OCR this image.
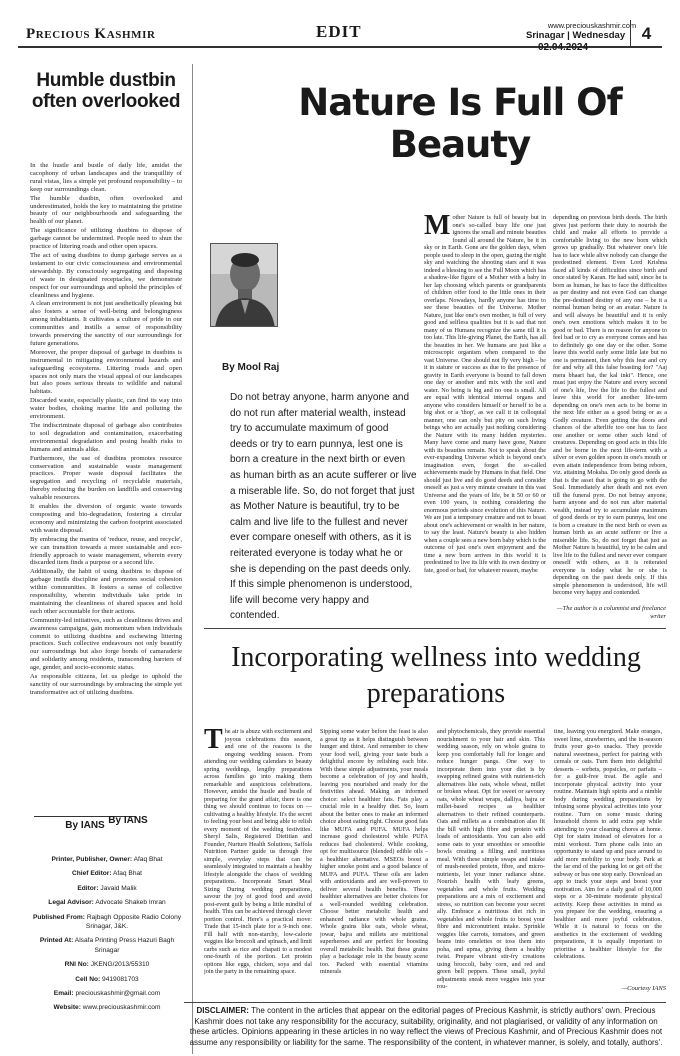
Precious Kashmir	EDIT	www.preciouskashmir.com
Srinagar | Wednesday
02.04.2024
4
Humble dustbin often overlooked

In the hustle and bustle of daily life, amidst the cacophony of urban landscapes and the tranquillity of rural vistas, lies a simple yet profound responsibility – to keep our surroundings clean.

The humble dustbin, often overlooked and underestimated, holds the key to maintaining the pristine beauty of our neighbourhoods and safeguarding the health of our planet.

The significance of utilizing dustbins to dispose of garbage cannot be undermined. People need to shun the practice of littering roads and other open spaces.

The act of using dustbins to dump garbage serves as a testament to our civic consciousness and environmental stewardship. By consciously segregating and disposing of waste in designated receptacles, we demonstrate respect for our surroundings and uphold the principles of cleanliness and hygiene.

A clean environment is not just aesthetically pleasing but also fosters a sense of well-being and belongingness among inhabitants. It cultivates a culture of pride in our communities and instills a sense of responsibility towards preserving the sanctity of our surroundings for future generations.

Moreover, the proper disposal of garbage in dustbins is instrumental in mitigating environmental hazards and safeguarding ecosystems. Littering roads and open spaces not only mars the visual appeal of our landscapes but also poses serious threats to wildlife and natural habitats.

Discarded waste, especially plastic, can find its way into water bodies, choking marine life and polluting the environment.

The indiscriminate disposal of garbage also contributes to soil degradation and contamination, exacerbating environmental degradation and posing health risks to humans and animals alike.

Furthermore, the use of dustbins promotes resource conservation and sustainable waste management practices. Proper waste disposal facilitates the segregation and recycling of recyclable materials, thereby reducing the burden on landfills and conserving valuable resources.

It enables the diversion of organic waste towards composting and bio-degradation, fostering a circular economy and minimizing the carbon footprint associated with waste disposal.

By embracing the mantra of 'reduce, reuse, and recycle', we can transition towards a more sustainable and eco-friendly approach to waste management, wherein every discarded item finds a purpose or a second life.

Additionally, the habit of using dustbins to dispose of garbage instils discipline and promotes social cohesion within communities. It fosters a sense of collective responsibility, wherein individuals take pride in maintaining the cleanliness of shared spaces and hold each other accountable for their actions.

Community-led initiatives, such as cleanliness drives and awareness campaigns, gain momentum when individuals commit to utilizing dustbins and eschewing littering practices. Such collective endeavours not only beautify our surroundings but also forge bonds of camaraderie and solidarity among residents, transcending barriers of age, gender, and socio-economic status.

As responsible citizens, let us pledge to uphold the sanctity of our surroundings by embracing the simple yet transformative act of utilizing dustbins.

By IANS
Printer, Publisher, Owner: Afaq Bhat
Chief Editor: Afaq Bhat
Editor: Javaid Malik
Legal Advisor: Advocate Shakeb Imran
Published From: Rajbagh Opposite Radio Colony Srinagar, J&K.
Printed At: Alsafa Printing Press Hazuri Bagh Srinagar
RNI No: JKENG/2013/55310
Cell No: 9419081703
Email: preciouskashmir@gmail.com
Website: www.preciouskashmir.com
Nature Is Full Of Beauty
By Mool Raj
Do not betray anyone, harm anyone and do not run after material wealth, instead try to accumulate maximum of good deeds or try to earn punnya, lest one is born a creature in the next birth or even as human birth as an acute sufferer or live a miserable life. So, do not forget that just as Mother Nature is beautiful, try to be calm and live life to the fullest and never ever compare oneself with others, as it is reiterated everyone is today what he or she is depending on the past deeds only. If this simple phenomenon is understood, life will become very happy and contended.
M other Nature is full of beauty but in one's so-called busy life one just ignores the small and minute beauties found all around the Nature, be it in sky or in Earth. Gone are the golden days, when people used to sleep in the open, gazing the night sky and watching the shooting stars and it was indeed a blessing to see the Full Moon which has a shadow-like figure of a Mother with a baby in her lap choosing which parents or grandparents of children offer food to the little ones in their overlaps. Nowadays, hardly anyone has time to see these beauties of the Universe. Mother Nature, just like one's own mother, is full of very good and selfless qualities but it is sad that not many of us Humans recognize the same till it is too late. This life-giving Planet, the Earth, has all the beauties in her. We humans are just like a microscopic organism when compared to the vast Universe. One should not fly very high – be it in stature or success as due to the presence of gravity in Earth everyone is bound to fall down one day or another and mix with the soil and water. No being is big and no one is small. All are equal with identical internal organs and anyone who considers himself or herself to be a big shot or a 'thop', as we call it in colloquial manner, one can only but pity on such living beings who are actually just nothing considering the Nature with its many hidden mysteries. Many have come and many have gone, Nature with its beauties remain. Not to speak about the ever-expanding Universe which is beyond one's imagination even, forget the so-called achievements made by Humans in that field. One should just live and do good deeds and consider oneself as just a very minute creature in this vast Universe and the years of life, be it 50 or 60 or even 100 years, is nothing considering the enormous periods since evolution of this Nature. We are just a temporary creature and not to boast about one's achievement or wealth in her nature, to say the least. Nature's beauty is also hidden when a couple sees a new born baby which is the outcome of just one's own enjoyment and the time a new born arrives in this world it is predestined to live its life with its own destiny or fate, good or bad, for whatever reason, maybe
depending on previous birth deeds. The birth gives just perform their duty to nourish the child and make all efforts to provide a comfortable living to the new born which grows up gradually. But whatever one's life has to face while alive nobody can change the predestined element. Even Lord Krishna faced all kinds of difficulties since birth and once stated by Karan. He had said, since he is born as human, he has to face the difficulties as per destiny and not even God can change the pre-destined destiny of any one – be it a normal human being or an avatar. Nature is and will always be beautiful and it is only one's own emotions which makes it to be good or bad. There is no reason for anyone to feel bad or to cry as everyone comes and has to definitely go one day or the other. Some leave this world early some little late but no one is permanent, then why this fear and cry for and why all this false boasting for? "Aaj mera bhaari hai, the kal inki". Hence, one must just enjoy the Nature and every second of one's life, live the life to the fullest and leave this world for another life-term depending on one's own acts to be borne in the next life either as a good being or as a Godly creature. Even getting the doors and chances of the afterlife too one has to face one another or some other such kind of creatures. Depending on good acts in this life and be borne in the next life-term with a silver or even golden spoon in one's mouth or even attain independence from being reborn, viz. attaining Moksha. Do only good deeds as that is the asset that is going to go with the Soul. Immediately after death and not even till the funeral pyre. Do not betray anyone, harm anyone and do not run after material wealth, instead try to accumulate maximum of good deeds or try to earn punnya, lest one is born a creature in the next birth or even as human birth as an acute sufferer or live a miserable life. So, do not forget that just as Mother Nature is beautiful, try to be calm and live life to the fullest and never ever compare oneself with others, as it is reiterated everyone is today what he or she is depending on the past deeds only. If this simple phenomenon is understood, life will become very happy and contended.
—The author is a columnist and freelance writer
Incorporating wellness into wedding preparations
T he air is abuzz with excitement and joyous celebrations this season, and one of the reasons is the ongoing wedding season. From attending our wedding calendars to beauty spring weddings, lengthy preparations across families go into making them remarkable and auspicious celebrations. However, amidst the hustle and bustle of preparing for the grand affair, there is one thing we should continue to focus on —cultivating a healthy lifestyle. It's the secret to feeling your best and being able to relish every moment of the wedding festivities. Sheryl Salis, Registered Dietitian and Founder, Nurture Health Solutions, Saffola Nutrition Partner guide us through five simple, everyday steps that can be seamlessly integrated to maintain a healthy lifestyle alongside the chaos of wedding preparations. Incorporate Smart Meal Sizing During wedding preparations, savour the joy of good food and avoid post-event guilt by being a little mindful of health. This can be achieved through clever portion control. Here's a practical move: Trade that 15-inch plate for a 9-inch one. Fill half with non-starchy, low-calorie veggies like broccoli and spinach, and limit carbs such as rice and chapati to a modest one-fourth of the portion. Let protein options like eggs, chicken, soya and dal join the party in the remaining space.
Sipping some water before the feast is also a great tip as it helps distinguish between hunger and thirst. And remember to chew your food well, giving your taste buds a delightful encore by relishing each bite. With these simple adjustments, your meals become a celebration of joy and health, leaving you nourished and ready for the festivities ahead. Making an informed choice: select healthier fats. Fats play a crucial role in a healthy diet. So, learn about the better ones to make an informed choice about eating right. Choose good fats like MUFA and PUFA. MUFA helps increase good cholesterol while PUFA reduces bad cholesterol. While cooking, opt for multisource (blended) edible oils – a healthier alternative. MSEOs boost a higher smoke point and a good balance of MUFA and PUFA. These oils are laden with antioxidants and are well-proven to deliver several health benefits. These healthier alternatives are better choices for a well-rounded wedding celebration. Choose better metabolic health and enhanced radiance with whole grains. Whole grains like oats, whole wheat, jowar, bajra and millets are nutritional superheroes and are perfect for boosting overall metabolic health. But these grains play a backstage role in the beauty scene too. Packed with essential vitamins minerals
and phytochemicals, they provide essential nourishment to your hair and skin. This wedding season, rely on whole grains to keep you comfortably full for longer and reduce hunger pangs. One way to incorporate them into your diet is by swapping refined grains with nutrient-rich alternatives like oats, whole wheat, millet or broken wheat. Opt for sweet or savoury oats, whole wheat wraps, dalliya, bajra or millet-based recipes as healthier alternatives to their refined counterparts. Oats and millets as a combination also fit the bill with high fibre and protein with loads of antioxidants. You can also add some oats to your smoothies or smoothie bowls creating a filling and nutritious meal. With these simple swaps and intake of mush-needed protein, fibre, and micro-nutrients, let your inner radiance shine. Nourish health with leafy greens, vegetables and whole fruits. Wedding preparations are a mix of excitement and stress, so nutrition can become your secret ally. Embrace a nutritious diet rich in vegetables and whole fruits to boost your fibre and micronutrient intake. Sprinkle veggies like carrots, tomatoes, and green beans into omelettes or toss them into poha, and upma, giving them a healthy twist. Prepare vibrant stir-fry creations using broccoli, baby corn, and red and green bell peppers. These small, joyful adjustments sneak more veggies into your rou-
tine, leaving you energized. Make oranges, sweet lime, strawberries, and the in-season fruits your go-to snacks. They provide natural sweetness, perfect for pairing with cereals or oats. Turn them into delightful desserts – sorbets, popsicles, or parfaits – for a guilt-free treat. Be agile and incorporate physical activity into your routine. Maintain high spirits and a nimble body during wedding preparations by infusing some physical activities into your routine. Turn on some music during household chores to add extra pep while attending to your cleaning chores at home. Opt for stairs instead of elevators for a mini workout. Turn phone calls into an opportunity to stand up and pace around to add more mobility to your body. Park at the far end of the parking lot or get off the subway or bus one stop early. Download an app to track your steps and boost your motivation. Aim for a daily goal of 10,000 steps or a 30-minute moderate physical activity. Keep these activities in mind as you prepare for the wedding, ensuring a healthier and more joyful celebration. While it is natural to focus on the aesthetics in the excitement of wedding preparations, it is equally important to prioritise a healthier lifestyle for the celebrations.
—Courtesy IANS
By IANS
DISCLAIMER: The content in the articles that appear on the editorial pages of Precious Kashmir, is strictly authors' own. Precious Kashmir does not take any responsibility for the accuracy, suitability, originality, and not plagiarised, or validity of any information on these articles. Opinions appearing in these articles in no way reflect the views of Precious Kashmir, and of Precious Kashmir does not assume any responsibility or liability for the same. The responsibility of the content, in whatever manner, is solely, and totally, authors'.
